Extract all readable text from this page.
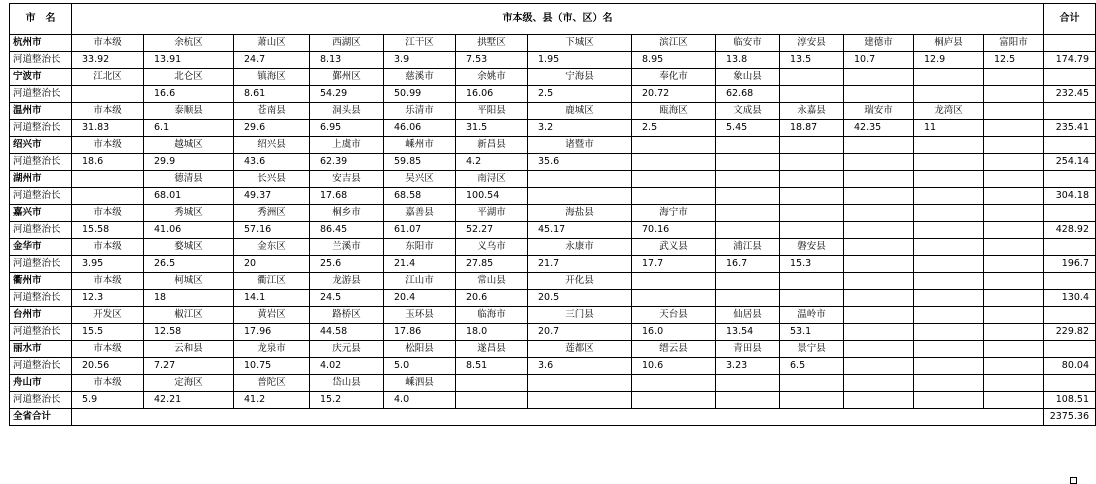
市　名	市本级、县（市、区）名													合计
杭州市	市本级	余杭区	萧山区	西湖区	江干区	拱墅区	下城区	滨江区	临安市	淳安县	建德市	桐庐县	富阳市	
河道整治长	33.92	13.91	24.7	8.13	3.9	7.53	1.95	8.95	13.8	13.5	10.7	12.9	12.5	174.79
宁波市	江北区	北仑区	镇海区	鄞州区	慈溪市	余姚市	宁海县	奉化市	象山县					
河道整治长		16.6	8.61	54.29	50.99	16.06	2.5	20.72	62.68					232.45
温州市	市本级	泰顺县	苍南县	洞头县	乐清市	平阳县	鹿城区	瓯海区	文成县	永嘉县	瑞安市	龙湾区		
河道整治长	31.83	6.1	29.6	6.95	46.06	31.5	3.2	2.5	5.45	18.87	42.35	11		235.41
绍兴市	市本级	越城区	绍兴县	上虞市	嵊州市	新昌县	诸暨市							
河道整治长	18.6	29.9	43.6	62.39	59.85	4.2	35.6							254.14
湖州市		德清县	长兴县	安吉县	吴兴区	南浔区								
河道整治长		68.01	49.37	17.68	68.58	100.54								304.18
嘉兴市	市本级	秀城区	秀洲区	桐乡市	嘉善县	平湖市	海盐县	海宁市						
河道整治长	15.58	41.06	57.16	86.45	61.07	52.27	45.17	70.16						428.92
金华市	市本级	婺城区	金东区	兰溪市	东阳市	义乌市	永康市	武义县	浦江县	磐安县				
河道整治长	3.95	26.5	20	25.6	21.4	27.85	21.7	17.7	16.7	15.3				196.7
衢州市	市本级	柯城区	衢江区	龙游县	江山市	常山县	开化县							
河道整治长	12.3	18	14.1	24.5	20.4	20.6	20.5							130.4
台州市	开发区	椒江区	黄岩区	路桥区	玉环县	临海市	三门县	天台县	仙居县	温岭市				
河道整治长	15.5	12.58	17.96	44.58	17.86	18.0	20.7	16.0	13.54	53.1				229.82
丽水市	市本级	云和县	龙泉市	庆元县	松阳县	遂昌县	莲都区	缙云县	青田县	景宁县				
河道整治长	20.56	7.27	10.75	4.02	5.0	8.51	3.6	10.6	3.23	6.5				80.04
舟山市	市本级	定海区	普陀区	岱山县	嵊泗县									
河道整治长	5.9	42.21	41.2	15.2	4.0									108.51
全省合计														2375.36
